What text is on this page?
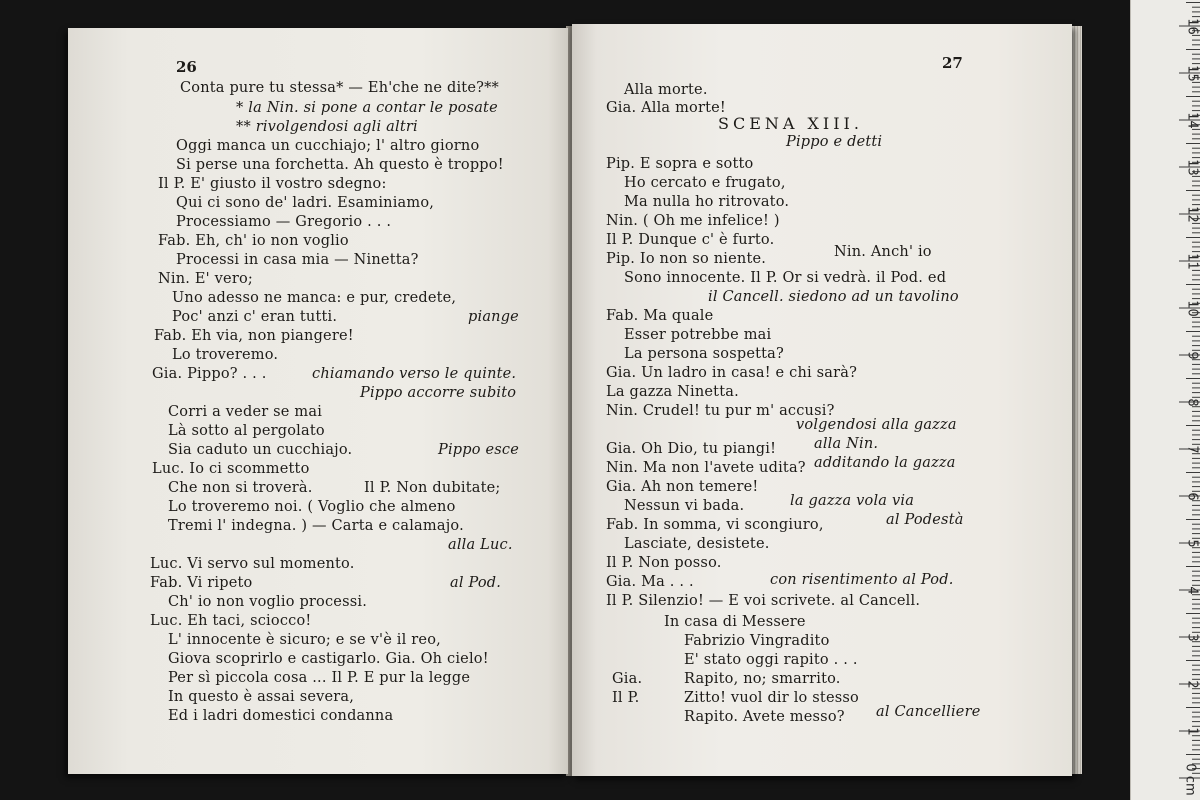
26
Conta pure tu stessa* — Eh'che ne dite?**
* la Nin. si pone a contar le posate
** rivolgendosi agli altri
Oggi manca un cucchiajo; l' altro giorno
Si perse una forchetta. Ah questo è troppo!
Il P. E' giusto il vostro sdegno:
Qui ci sono de' ladri. Esaminiamo,
Processiamo — Gregorio . . .
Fab. Eh, ch' io non voglio
Processi in casa mia — Ninetta?
Nin. E' vero;
Uno adesso ne manca: e pur, credete,
Poc' anzi c' eran tutti.	piange
Fab. Eh via, non piangere!
Lo troveremo.
Gia. Pippo? . . .	chiamando verso le quinte.
Pippo accorre subito
Corri a veder se mai
Là sotto al pergolato
Sia caduto un cucchiajo.	Pippo esce
Luc. Io ci scommetto
Che non si troverà.	Il P. Non dubitate;
Lo troveremo noi. ( Voglio che almeno
Tremi l' indegna. ) — Carta e calamajo.
alla Luc.
Luc. Vi servo sul momento.
Fab. Vi ripeto	al Pod.
Ch' io non voglio processi.
Luc. Eh taci, sciocco!
L' innocente è sicuro; e se v'è il reo,
Giova scoprirlo e castigarlo. Gia. Oh cielo!
Per sì piccola cosa ... Il P. E pur la legge
In questo è assai severa,
Ed i ladri domestici condanna
27
Alla morte.
Gia. Alla morte!
SCENA XIII.
Pippo e detti
Pip. E sopra e sotto
Ho cercato e frugato,
Ma nulla ho ritrovato.
Nin. ( Oh me infelice! )
Il P. Dunque c' è furto.
Pip. Io non so niente.	Nin. Anch' io
Sono innocente. Il P. Or si vedrà. il Pod. ed
il Cancell. siedono ad un tavolino
Fab. Ma quale
Esser potrebbe mai
La persona sospetta?
Gia. Un ladro in casa! e chi sarà?
La gazza Ninetta.
Nin. Crudel! tu pur m' accusi?
volgendosi alla gazza
Gia. Oh Dio, tu piangi!	alla Nin.
Nin. Ma non l'avete udita? additando la gazza
Gia. Ah non temere!
Nessun vi bada.	la gazza vola via
Fab. In somma, vi scongiuro,	al Podestà
Lasciate, desistete.
Il P. Non posso.
Gia. Ma . . .	con risentimento al Pod.
Il P. Silenzio! — E voi scrivete. al Cancell.
In casa di Messere
Fabrizio Vingradito
E' stato oggi rapito . . .
Gia.	Rapito, no; smarrito.
Il P.	Zitto! vuol dir lo stesso
Rapito. Avete messo? al Cancelliere
0 cm
1
2
3
4
5
6
7
8
9
10
11
12
13
14
15
16
